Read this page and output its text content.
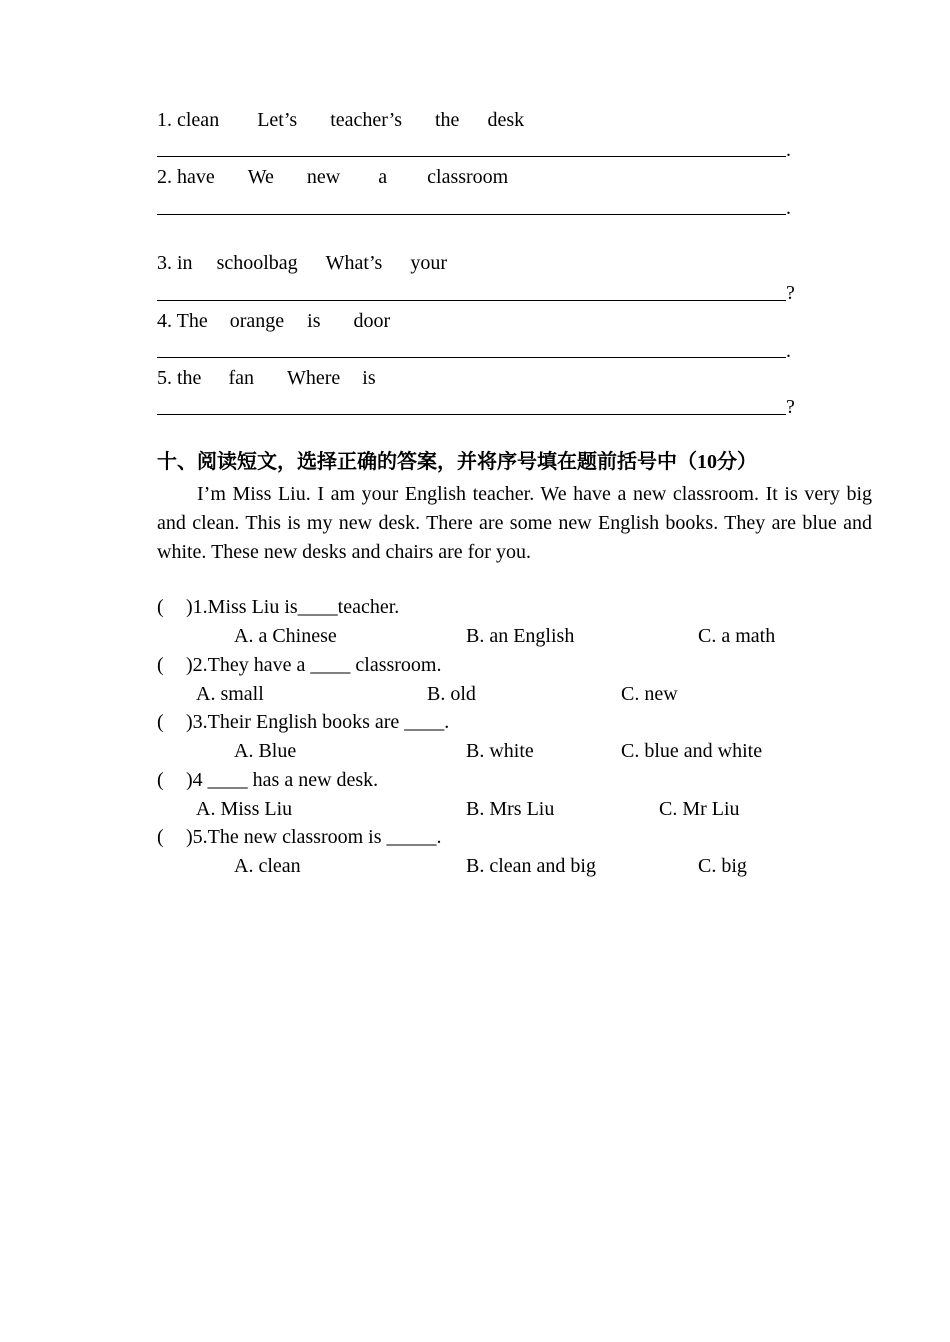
1. clean Let’s teacher’s the desk
.
2. have We new a classroom
.
3. in schoolbag What’s your
?
4. The orange is door
.
5. the fan Where is
?
十、阅读短文，选择正确的答案，并将序号填在题前括号中（10分）
I’m Miss Liu. I am your English teacher. We have a new classroom. It is very big and clean. This is my new desk. There are some new English books. They are blue and white. These new desks and chairs are for you.
( )1.Miss Liu is____teacher.
A. a Chinese	B. an English	C. a math
( )2.They have a ____ classroom.
A. small	B. old	C. new
( )3.Their English books are ____.
A. Blue	B. white	C. blue and white
( )4 ____ has a new desk.
A. Miss Liu	B. Mrs Liu	C. Mr Liu
( )5.The new classroom is _____.
A. clean	B. clean and big	C. big
